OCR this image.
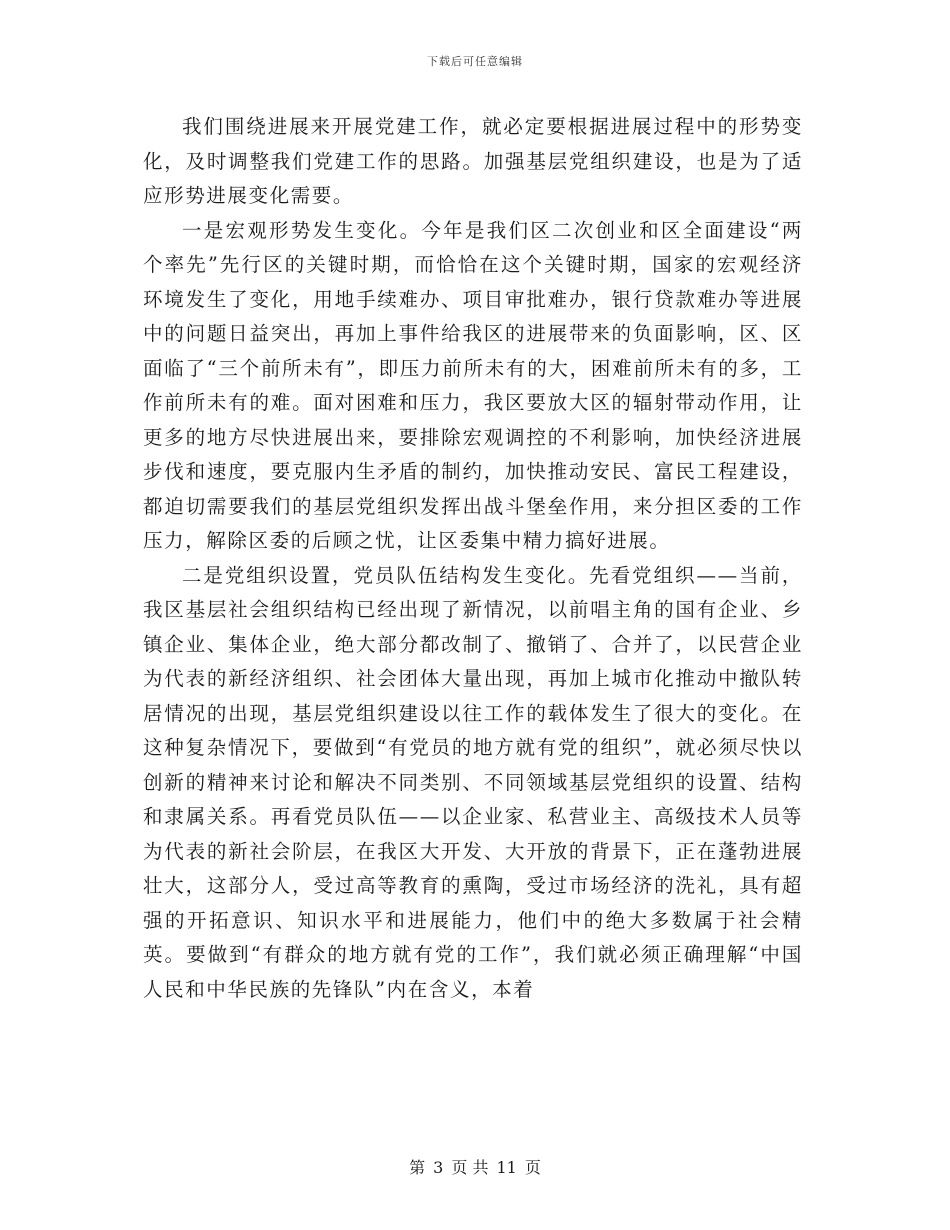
下载后可任意编辑

我们围绕进展来开展党建工作，就必定要根据进展过程中的形势变化，及时调整我们党建工作的思路。加强基层党组织建设，也是为了适应形势进展变化需要。

一是宏观形势发生变化。今年是我们区二次创业和区全面建设“两个率先”先行区的关键时期，而恰恰在这个关键时期，国家的宏观经济环境发生了变化，用地手续难办、项目审批难办，银行贷款难办等进展中的问题日益突出，再加上事件给我区的进展带来的负面影响，区、区面临了“三个前所未有”，即压力前所未有的大，困难前所未有的多，工作前所未有的难。面对困难和压力，我区要放大区的辐射带动作用，让更多的地方尽快进展出来，要排除宏观调控的不利影响，加快经济进展步伐和速度，要克服内生矛盾的制约，加快推动安民、富民工程建设，都迫切需要我们的基层党组织发挥出战斗堡垒作用，来分担区委的工作压力，解除区委的后顾之忧，让区委集中精力搞好进展。

二是党组织设置，党员队伍结构发生变化。先看党组织——当前，我区基层社会组织结构已经出现了新情况，以前唱主角的国有企业、乡镇企业、集体企业，绝大部分都改制了、撤销了、合并了，以民营企业为代表的新经济组织、社会团体大量出现，再加上城市化推动中撤队转居情况的出现，基层党组织建设以往工作的载体发生了很大的变化。在这种复杂情况下，要做到“有党员的地方就有党的组织”，就必须尽快以创新的精神来讨论和解决不同类别、不同领域基层党组织的设置、结构和隶属关系。再看党员队伍——以企业家、私营业主、高级技术人员等为代表的新社会阶层，在我区大开发、大开放的背景下，正在蓬勃进展壮大，这部分人，受过高等教育的熏陶，受过市场经济的洗礼，具有超强的开拓意识、知识水平和进展能力，他们中的绝大多数属于社会精英。要做到“有群众的地方就有党的工作”，我们就必须正确理解“中国人民和中华民族的先锋队”内在含义，本着

第 3 页 共 11 页
